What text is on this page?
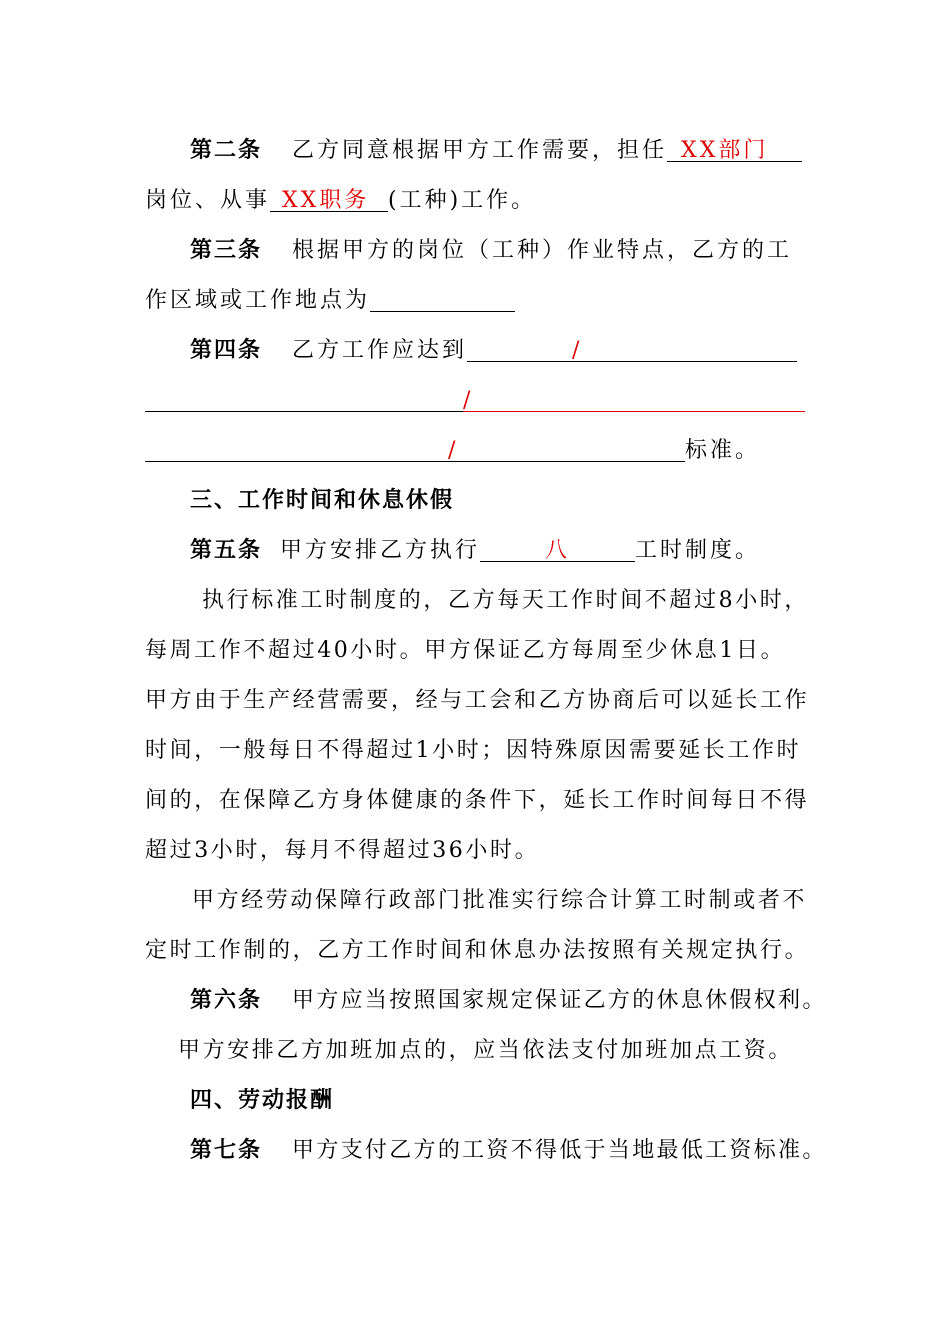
第二条 乙方同意根据甲方工作需要，担任 XX部门
岗位、从事 XX职务 (工种)工作。
第三条 根据甲方的岗位（工种）作业特点，乙方的工
作区域或工作地点为
第四条 乙方工作应达到	/
/
/	标准。
三、工作时间和休息休假
第五条 甲方安排乙方执行	八	工时制度。
执行标准工时制度的，乙方每天工作时间不超过8小时，
每周工作不超过40小时。甲方保证乙方每周至少休息1日。
甲方由于生产经营需要，经与工会和乙方协商后可以延长工作
时间，一般每日不得超过1小时；因特殊原因需要延长工作时
间的，在保障乙方身体健康的条件下，延长工作时间每日不得
超过3小时，每月不得超过36小时。
甲方经劳动保障行政部门批准实行综合计算工时制或者不
定时工作制的，乙方工作时间和休息办法按照有关规定执行。
第六条 甲方应当按照国家规定保证乙方的休息休假权利。
甲方安排乙方加班加点的，应当依法支付加班加点工资。
四、劳动报酬
第七条 甲方支付乙方的工资不得低于当地最低工资标准。
